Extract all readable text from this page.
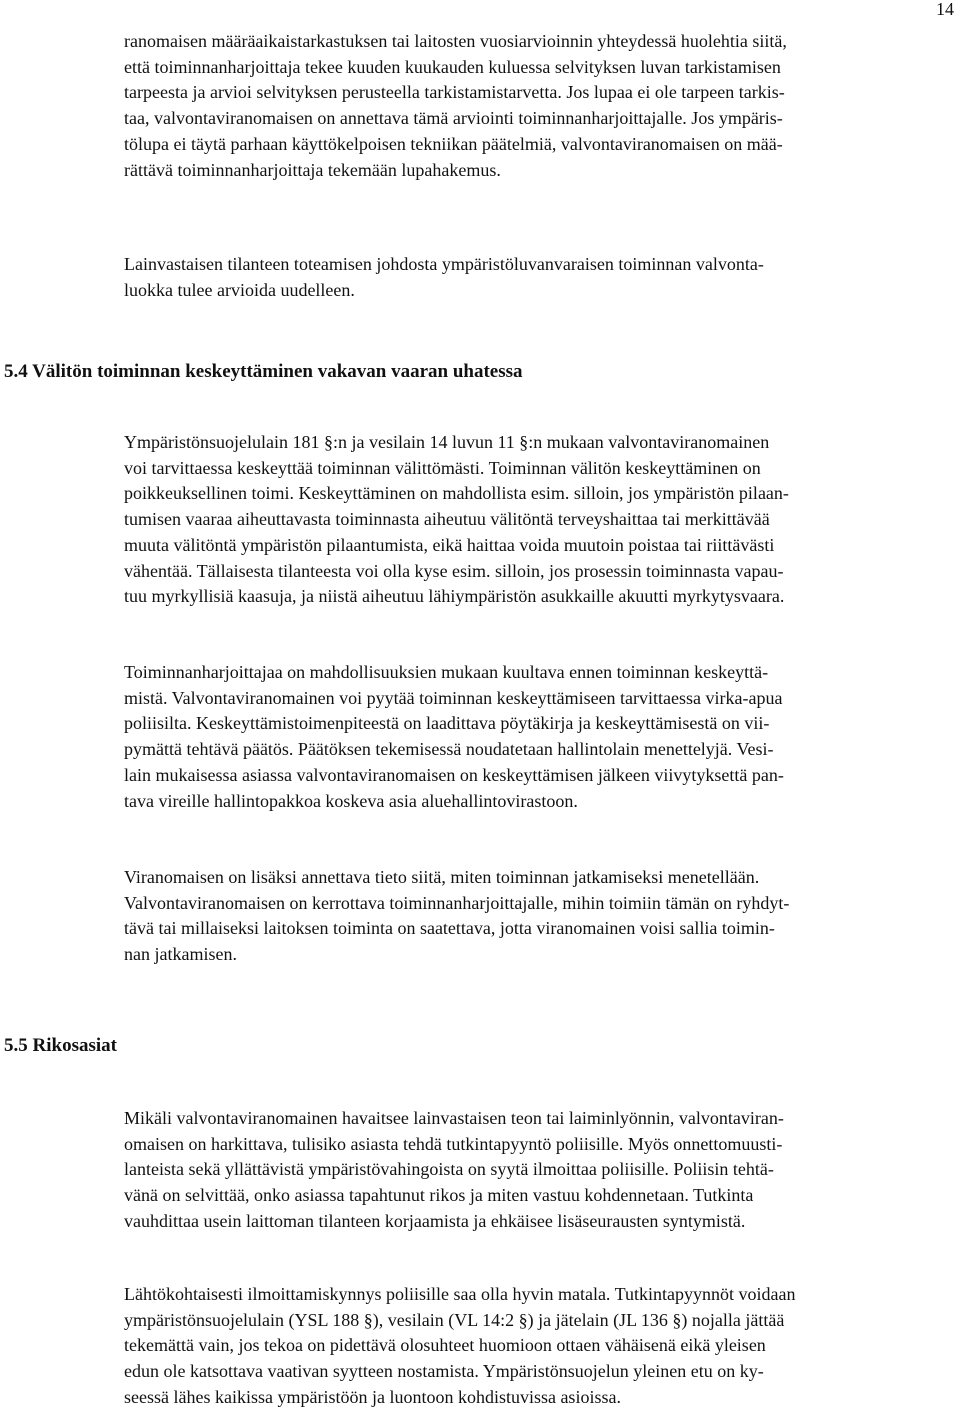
14

ranomaisen määräaikaistarkastuksen tai laitosten vuosiarvioinnin yhteydessä huolehtia siitä,
että toiminnanharjoittaja tekee kuuden kuukauden kuluessa selvityksen luvan tarkistamisen
tarpeesta ja arvioi selvityksen perusteella tarkistamistarvetta. Jos lupaa ei ole tarpeen tarkis-
taa, valvontaviranomaisen on annettava tämä arviointi toiminnanharjoittajalle. Jos ympäris-
tölupa ei täytä parhaan käyttökelpoisen tekniikan päätelmiä, valvontaviranomaisen on mää-
rättävä toiminnanharjoittaja tekemään lupahakemus.

Lainvastaisen tilanteen toteamisen johdosta ympäristöluvanvaraisen toiminnan valvonta-
luokka tulee arvioida uudelleen.

5.4 Välitön toiminnan keskeyttäminen vakavan vaaran uhatessa

Ympäristönsuojelulain 181 §:n ja vesilain 14 luvun 11 §:n mukaan valvontaviranomainen
voi tarvittaessa keskeyttää toiminnan välittömästi. Toiminnan välitön keskeyttäminen on
poikkeuksellinen toimi. Keskeyttäminen on mahdollista esim. silloin, jos ympäristön pilaan-
tumisen vaaraa aiheuttavasta toiminnasta aiheutuu välitöntä terveyshaittaa tai merkittävää
muuta välitöntä ympäristön pilaantumista, eikä haittaa voida muutoin poistaa tai riittävästi
vähentää. Tällaisesta tilanteesta voi olla kyse esim. silloin, jos prosessin toiminnasta vapau-
tuu myrkyllisiä kaasuja, ja niistä aiheutuu lähiympäristön asukkaille akuutti myrkytysvaara.

Toiminnanharjoittajaa on mahdollisuuksien mukaan kuultava ennen toiminnan keskeyttä-
mistä. Valvontaviranomainen voi pyytää toiminnan keskeyttämiseen tarvittaessa virka-apua
poliisilta. Keskeyttämistoimenpiteestä on laadittava pöytäkirja ja keskeyttämisestä on vii-
pymättä tehtävä päätös. Päätöksen tekemisessä noudatetaan hallintolain menettelyjä. Vesi-
lain mukaisessa asiassa valvontaviranomaisen on keskeyttämisen jälkeen viivytyksettä pan-
tava vireille hallintopakkoa koskeva asia aluehallintovirastoon.

Viranomaisen on lisäksi annettava tieto siitä, miten toiminnan jatkamiseksi menetellään.
Valvontaviranomaisen on kerrottava toiminnanharjoittajalle, mihin toimiin tämän on ryhdyt-
tävä tai millaiseksi laitoksen toiminta on saatettava, jotta viranomainen voisi sallia toimin-
nan jatkamisen.

5.5 Rikosasiat

Mikäli valvontaviranomainen havaitsee lainvastaisen teon tai laiminlyönnin, valvontaviran-
omaisen on harkittava, tulisiko asiasta tehdä tutkintapyyntö poliisille. Myös onnettomuusti-
lanteista sekä yllättävistä ympäristövahingoista on syytä ilmoittaa poliisille. Poliisin tehtä-
vänä on selvittää, onko asiassa tapahtunut rikos ja miten vastuu kohdennetaan. Tutkinta
vauhdittaa usein laittoman tilanteen korjaamista ja ehkäisee lisäseurausten syntymistä.

Lähtökohtaisesti ilmoittamiskynnys poliisille saa olla hyvin matala. Tutkintapyynnöt voidaan
ympäristönsuojelulain (YSL 188 §), vesilain (VL 14:2 §) ja jätelain (JL 136 §) nojalla jättää
tekemättä vain, jos tekoa on pidettävä olosuhteet huomioon ottaen vähäisenä eikä yleisen
edun ole katsottava vaativan syytteen nostamista. Ympäristönsuojelun yleinen etu on ky-
seessä lähes kaikissa ympäristöön ja luontoon kohdistuvissa asioissa.
